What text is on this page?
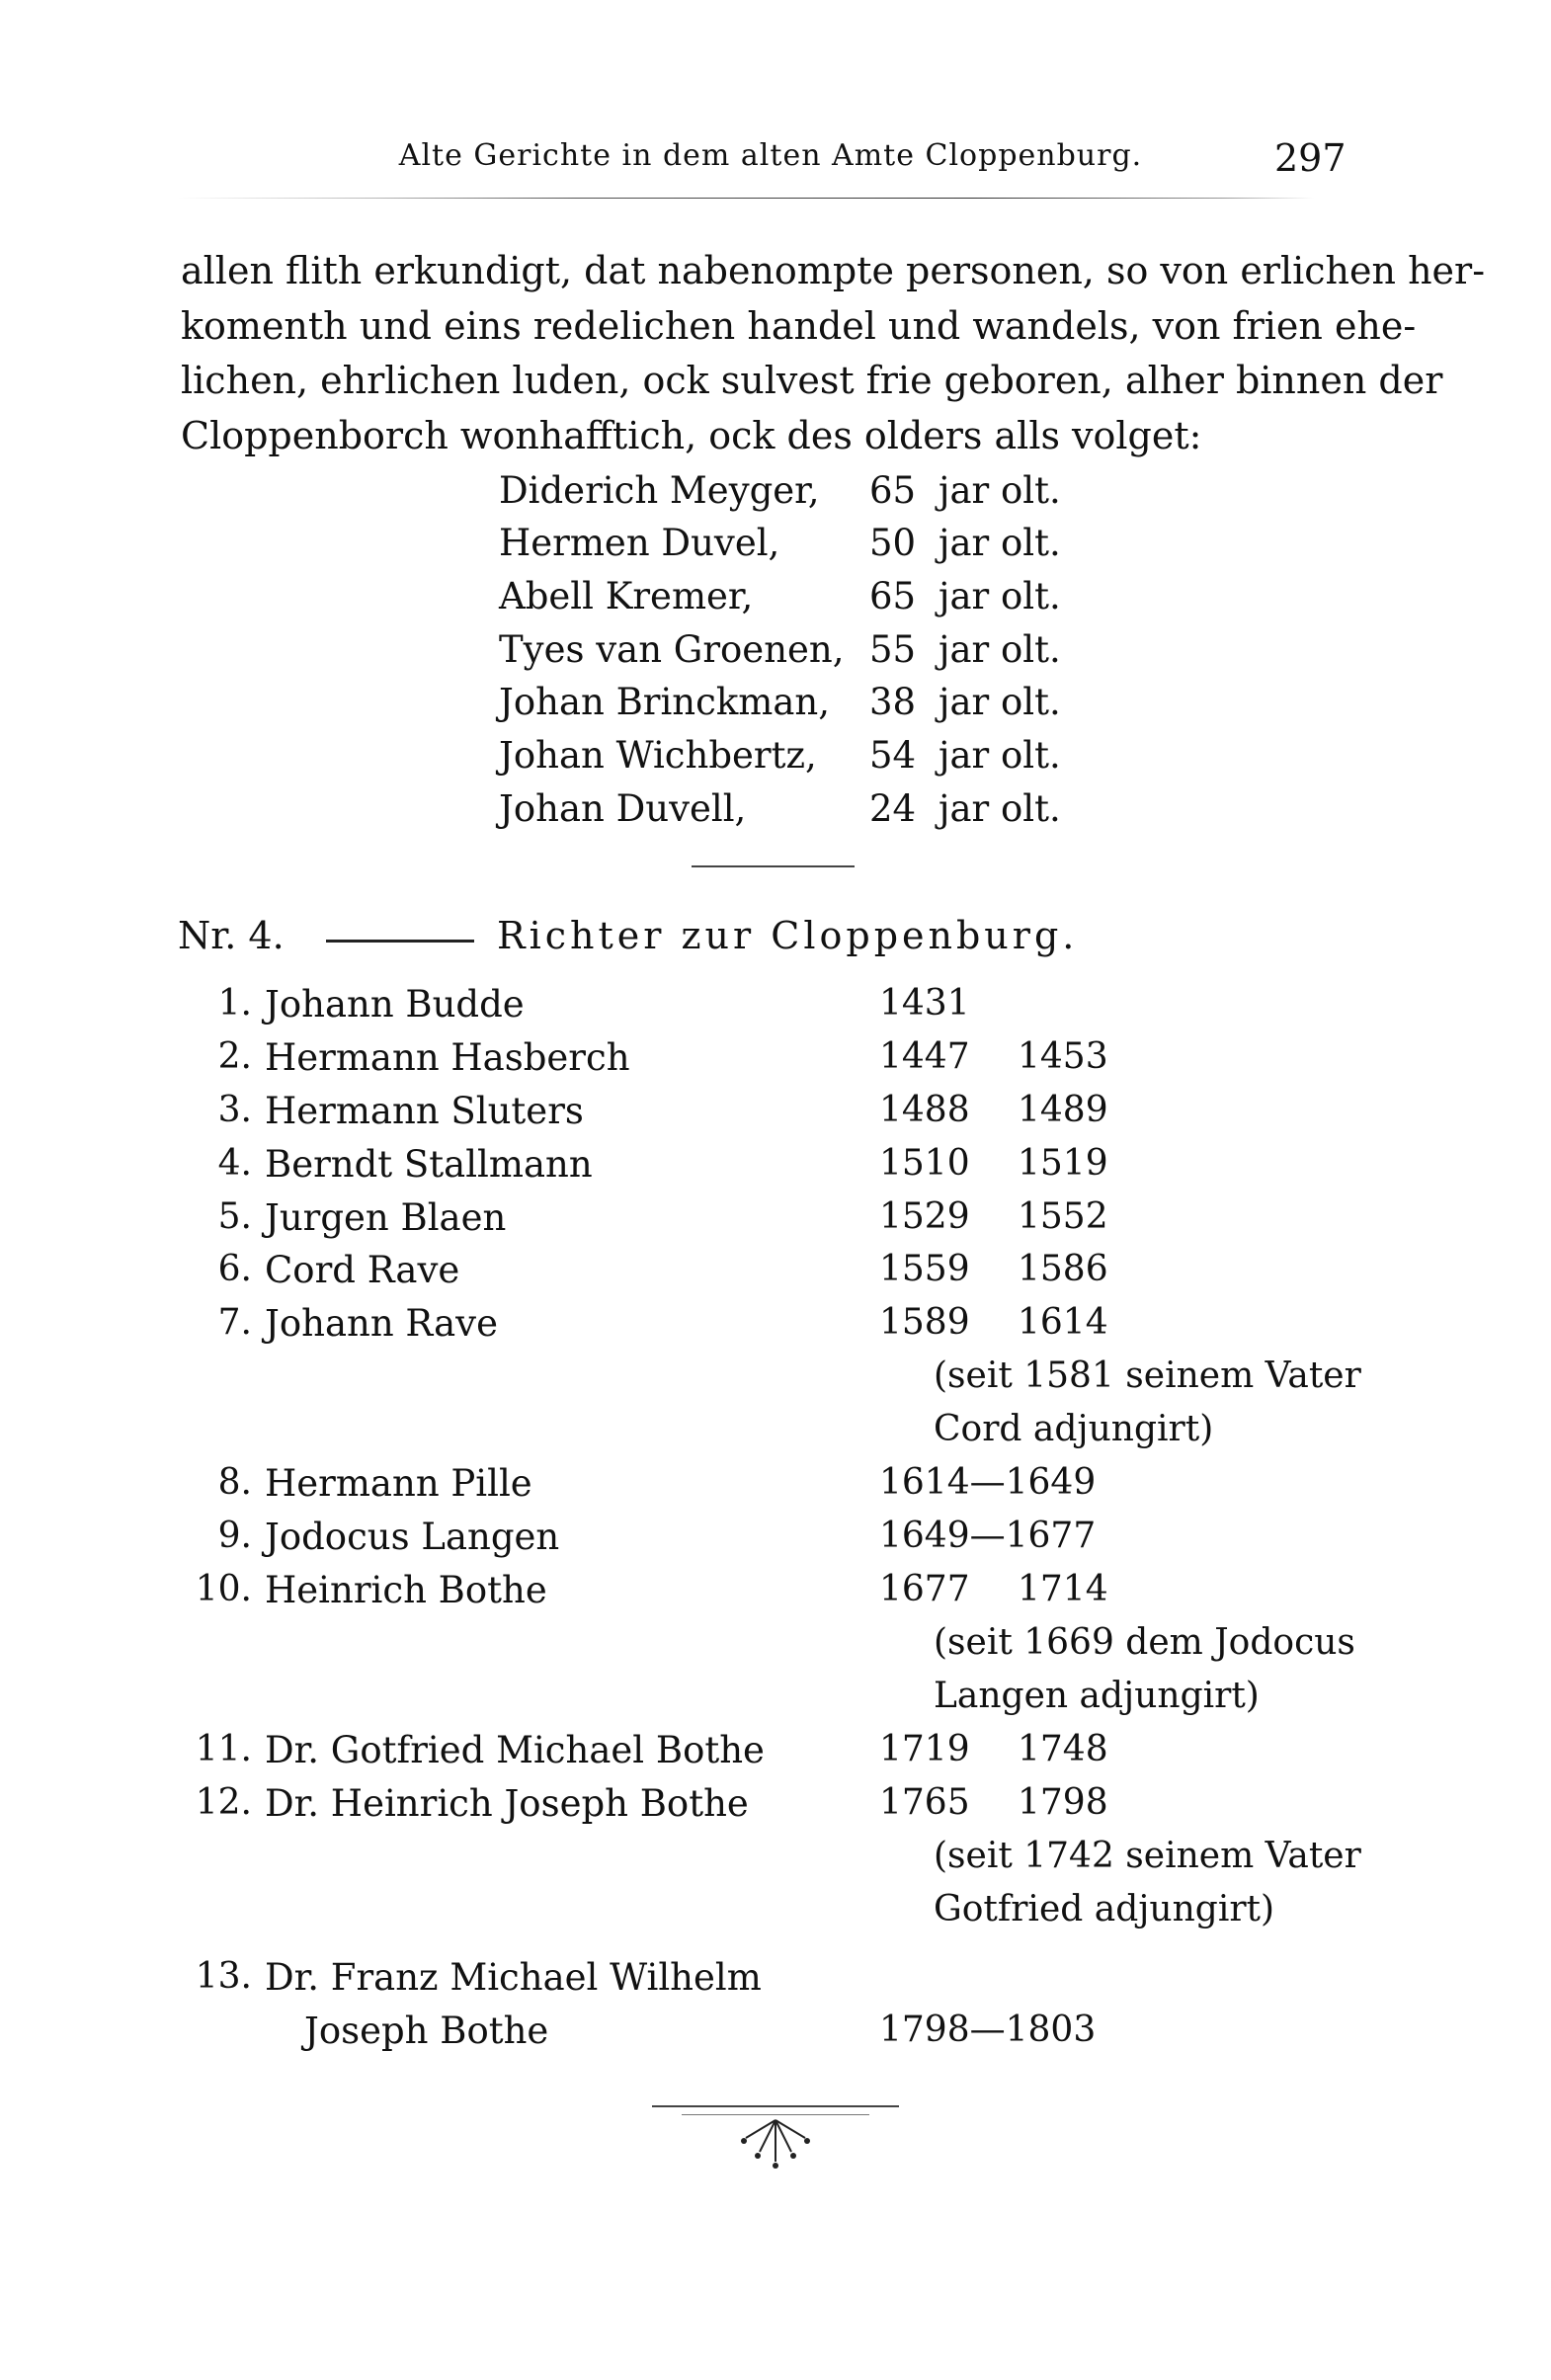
Alte Gerichte in dem alten Amte Cloppenburg.	297
allen flith erkundigt, dat nabenompte personen, so von erlichen her-
komenth und eins redelichen handel und wandels, von frien ehe-
lichen, ehrlichen luden, ock sulvest frie geboren, alher binnen der
Cloppenborch wonhafftich, ock des olders alls volget:
Diderich Meyger, 65 jar olt.
Hermen Duvel, 50 jar olt.
Abell Kremer,	65 jar olt.
Tyes van Groenen, 55 jar olt.
Johan Brinckman, 38 jar olt.
Johan Wichbertz, 54 jar olt.
Johan Duvell,	24 jar olt.
Nr. 4.	Richter zur Cloppenburg.
1. Johann Budde	1431
2. Hermann Hasberch	1447 1453
3. Hermann Sluters	1488 1489
4. Berndt Stallmann	1510 1519
5. Jurgen Blaen	1529 1552
6. Cord Rave	1559 1586
7. Johann Rave	1589 1614
(seit 1581 seinem Vater
Cord adjungirt)
8. Hermann Pille	1614—1649
9. Jodocus Langen	1649—1677
10. Heinrich Bothe	1677 1714
(seit 1669 dem Jodocus
Langen adjungirt)
11. Dr. Gotfried Michael Bothe	1719 1748
12. Dr. Heinrich Joseph Bothe	1765 1798
(seit 1742 seinem Vater
Gotfried adjungirt)
13. Dr. Franz Michael Wilhelm
Joseph Bothe	1798—1803
